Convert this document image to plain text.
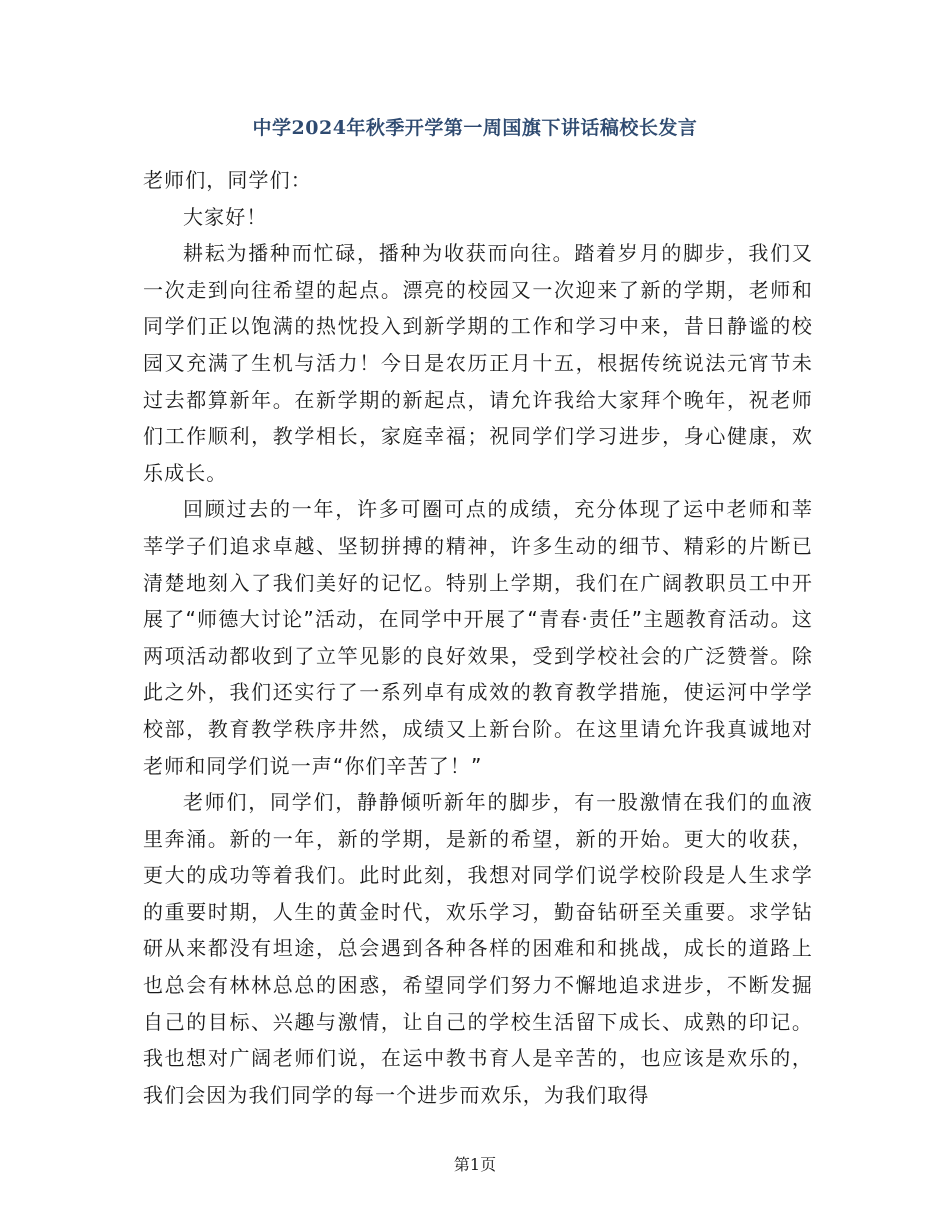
中学2024年秋季开学第一周国旗下讲话稿校长发言

老师们，同学们：

大家好！

耕耘为播种而忙碌，播种为收获而向往。踏着岁月的脚步，我们又一次走到向往希望的起点。漂亮的校园又一次迎来了新的学期，老师和同学们正以饱满的热忱投入到新学期的工作和学习中来，昔日静谧的校园又充满了生机与活力！今日是农历正月十五，根据传统说法元宵节未过去都算新年。在新学期的新起点，请允许我给大家拜个晚年，祝老师们工作顺利，教学相长，家庭幸福；祝同学们学习进步，身心健康，欢乐成长。

回顾过去的一年，许多可圈可点的成绩，充分体现了运中老师和莘莘学子们追求卓越、坚韧拼搏的精神，许多生动的细节、精彩的片断已清楚地刻入了我们美好的记忆。特别上学期，我们在广阔教职员工中开展了“师德大讨论”活动，在同学中开展了“青春·责任”主题教育活动。这两项活动都收到了立竿见影的良好效果，受到学校社会的广泛赞誉。除此之外，我们还实行了一系列卓有成效的教育教学措施，使运河中学学校部，教育教学秩序井然，成绩又上新台阶。在这里请允许我真诚地对老师和同学们说一声“你们辛苦了！”

老师们，同学们，静静倾听新年的脚步，有一股激情在我们的血液里奔涌。新的一年，新的学期，是新的希望，新的开始。更大的收获，更大的成功等着我们。此时此刻，我想对同学们说学校阶段是人生求学的重要时期，人生的黄金时代，欢乐学习，勤奋钻研至关重要。求学钻研从来都没有坦途，总会遇到各种各样的困难和和挑战，成长的道路上也总会有林林总总的困惑，希望同学们努力不懈地追求进步，不断发掘自己的目标、兴趣与激情，让自己的学校生活留下成长、成熟的印记。我也想对广阔老师们说，在运中教书育人是辛苦的，也应该是欢乐的，我们会因为我们同学的每一个进步而欢乐，为我们取得

第1页
